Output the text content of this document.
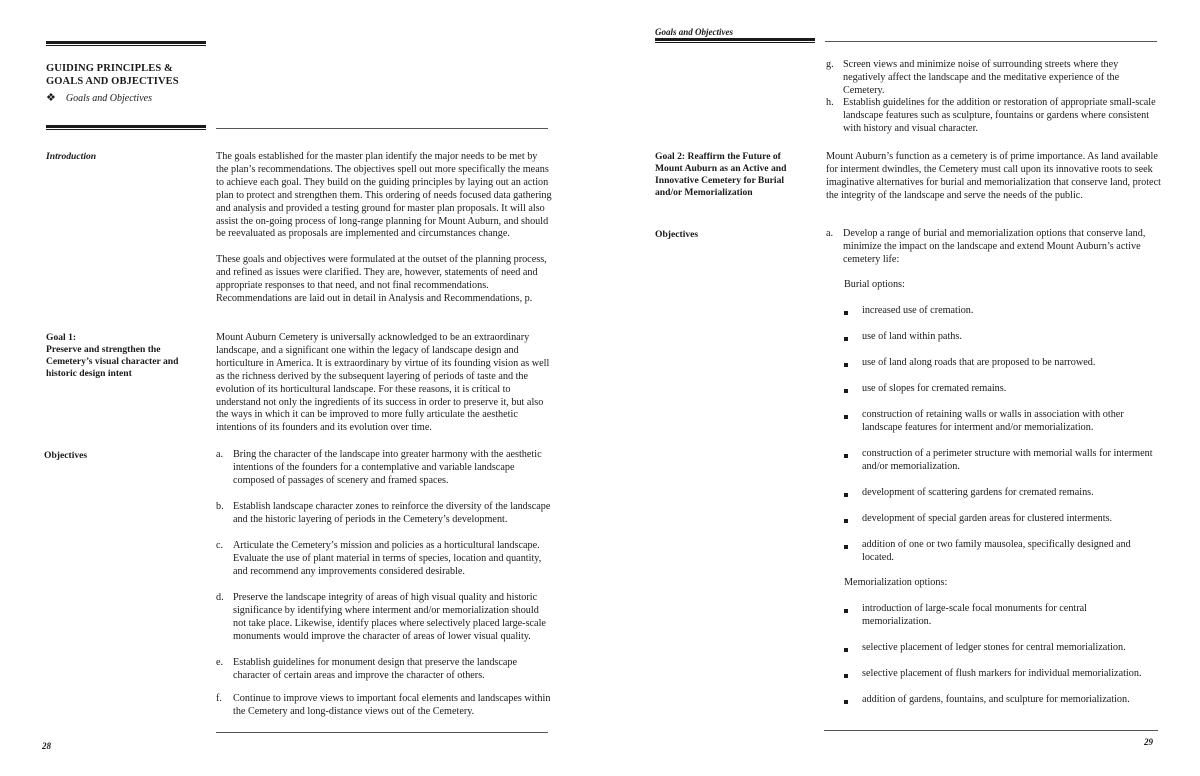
GUIDING PRINCIPLES &
GOALS AND OBJECTIVES
❖ Goals and Objectives
Introduction	The goals established for the master plan identify the major needs to be met by the plan’s recommendations. The objectives spell out more specifically the means to achieve each goal. They build on the guiding principles by laying out an action plan to protect and strengthen them. This ordering of needs focused data gathering and analysis and provided a testing ground for master plan proposals. It will also assist the on-going process of long-range planning for Mount Auburn, and should be reevaluated as proposals are implemented and circumstances change.

These goals and objectives were formulated at the outset of the planning process, and refined as issues were clarified. They are, however, statements of need and appropriate responses to that need, and not final recommendations. Recommendations are laid out in detail in Analysis and Recommendations, p.

Goal 1:
Preserve and strengthen the Cemetery’s visual character and historic design intent
Mount Auburn Cemetery is universally acknowledged to be an extraordinary landscape, and a significant one within the legacy of landscape design and horticulture in America. It is extraordinary by virtue of its founding vision as well as the richness derived by the subsequent layering of periods of taste and the evolution of its horticultural landscape. For these reasons, it is critical to understand not only the ingredients of its success in order to preserve it, but also the ways in which it can be improved to more fully articulate the aesthetic intentions of its founders and its evolution over time.
Objectives	a. Bring the character of the landscape into greater harmony with the aesthetic intentions of the founders for a contemplative and variable landscape composed of passages of scenery and framed spaces.
b. Establish landscape character zones to reinforce the diversity of the landscape and the historic layering of periods in the Cemetery’s development.
c. Articulate the Cemetery’s mission and policies as a horticultural landscape. Evaluate the use of plant material in terms of species, location and quantity, and recommend any improvements considered desirable.
d. Preserve the landscape integrity of areas of high visual quality and historic significance by identifying where interment and/or memorialization should not take place. Likewise, identify places where selectively placed large-scale monuments would improve the character of areas of lower visual quality.
e. Establish guidelines for monument design that preserve the landscape character of certain areas and improve the character of others.
f.	Continue to improve views to important focal elements and landscapes within the Cemetery and long-distance views out of the Cemetery.
28
Goals and Objectives
g. Screen views and minimize noise of surrounding streets where they negatively affect the landscape and the meditative experience of the Cemetery.
h. Establish guidelines for the addition or restoration of appropriate small-scale landscape features such as sculpture, fountains or gardens where consistent with history and visual character.
Goal 2: Reaffirm the Future of Mount Auburn as an Active and Innovative Cemetery for Burial and/or Memorialization
Mount Auburn’s function as a cemetery is of prime importance. As land available for interment dwindles, the Cemetery must call upon its innovative roots to seek imaginative alternatives for burial and memorialization that conserve land, protect the integrity of the landscape and serve the needs of the public.
Objectives	a. Develop a range of burial and memorialization options that conserve land, minimize the impact on the landscape and extend Mount Auburn’s active cemetery life:
Burial options:
increased use of cremation.
use of land within paths.
use of land along roads that are proposed to be narrowed.
use of slopes for cremated remains.
construction of retaining walls or walls in association with other landscape features for interment and/or memorialization.
construction of a perimeter structure with memorial walls for interment and/or memorialization.
development of scattering gardens for cremated remains.
development of special garden areas for clustered interments.
addition of one or two family mausolea, specifically designed and located.
Memorialization options:
introduction of large-scale focal monuments for central memorialization.
selective placement of ledger stones for central memorialization.
selective placement of flush markers for individual memorialization.
addition of gardens, fountains, and sculpture for memorialization.
29
